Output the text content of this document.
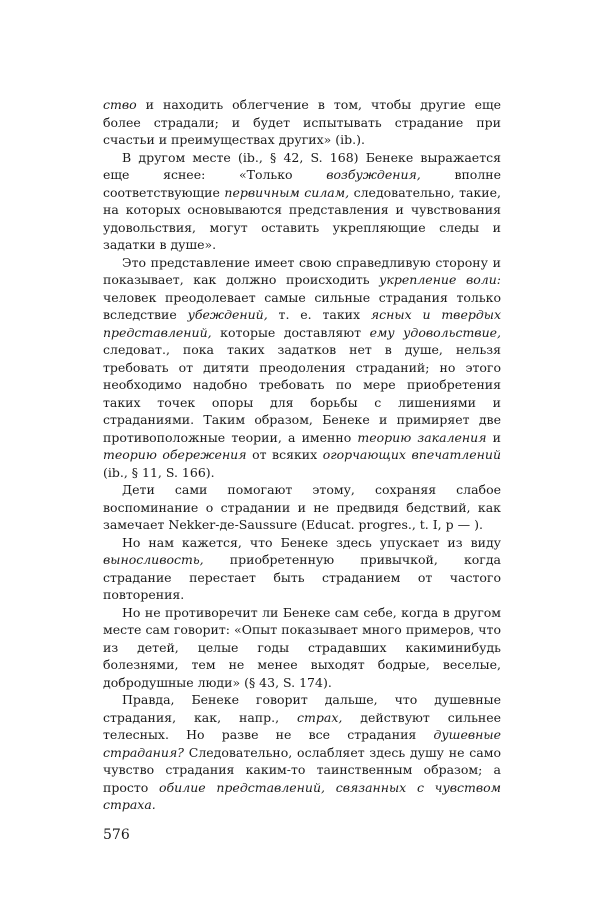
ство и находить облегчение в том, чтобы другие еще более страдали; и будет испытывать страдание при счастьи и преимуществах других» (ib.).

В другом месте (ib., § 42, S. 168) Бенеке выражается еще яснее: «Только возбуждения, вполне соответствующие первичным силам, следовательно, такие, на которых основываются представления и чувствования удовольствия, могут оставить укрепляющие следы и задатки в душе».

Это представление имеет свою справедливую сторону и показывает, как должно происходить укрепление воли: человек преодолевает самые сильные страдания только вследствие убеждений, т. е. таких ясных и твердых представлений, которые доставляют ему удовольствие, следоват., пока таких задатков нет в душе, нельзя требовать от дитяти преодоления страданий; но этого необходимо надобно требовать по мере приобретения таких точек опоры для борьбы с лишениями и страданиями. Таким образом, Бенеке и примиряет две противоположные теории, а именно теорию закаления и теорию обережения от всяких огорчающих впечатлений (ib., § 11, S. 166).

Дети сами помогают этому, сохраняя слабое воспоминание о страдании и не предвидя бедствий, как замечает Nekker-де-Saussure (Educat. progres., t. I, p — ).

Но нам кажется, что Бенеке здесь упускает из виду выносливость, приобретенную привычкой, когда страдание перестает быть страданием от частого повторения.

Но не противоречит ли Бенеке сам себе, когда в другом месте сам говорит: «Опыт показывает много примеров, что из детей, целые годы страдавших какиминибудь болезнями, тем не менее выходят бодрые, веселые, добродушные люди» (§ 43, S. 174).

Правда, Бенеке говорит дальше, что душевные страдания, как, напр., страх, действуют сильнее телесных. Но разве не все страдания душевные страдания? Следовательно, ослабляет здесь душу не само чувство страдания каким-то таинственным образом; а просто обилие представлений, связанных с чувством страха.

576
